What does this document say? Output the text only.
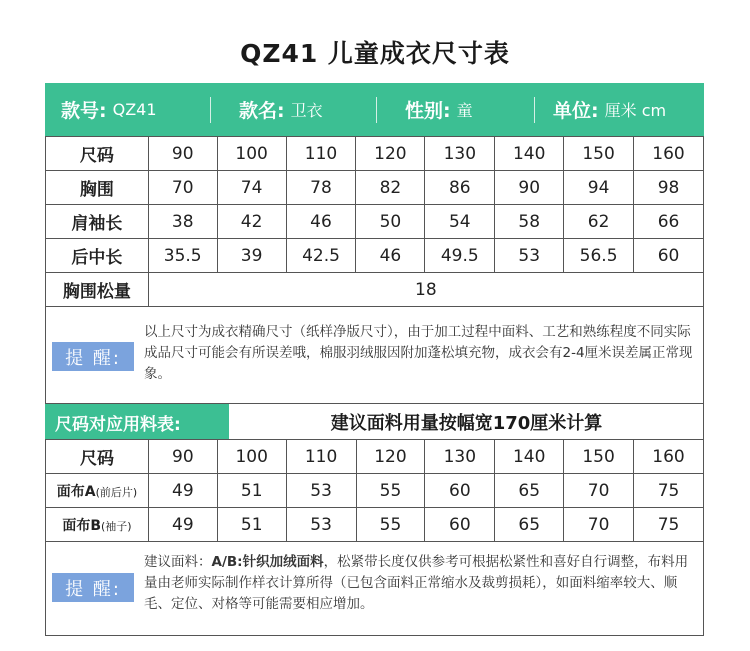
QZ41 儿童成衣尺寸表
款号: QZ41	款名: 卫衣	性别: 童	单位: 厘米 cm
尺码	90	100	110	120	130	140	150	160
胸围	70	74	78	82	86	90	94	98
肩袖长	38	42	46	50	54	58	62	66
后中长	35.5	39	42.5	46	49.5	53	56.5	60
胸围松量	18							
提 醒:
以上尺寸为成衣精确尺寸（纸样净版尺寸），由于加工过程中面料、工艺和熟练程度不同实际成品尺寸可能会有所误差哦，棉服羽绒服因附加蓬松填充物，成衣会有2-4厘米误差属正常现象。
尺码对应用料表:	建议面料用量按幅宽170厘米计算
尺码	90	100	110	120	130	140	150	160
面布A(前后片)	49	51	53	55	60	65	70	75
面布B(袖子)	49	51	53	55	60	65	70	75
提 醒:
建议面料：A/B:针织加绒面料，松紧带长度仅供参考可根据松紧性和喜好自行调整，布料用量由老师实际制作样衣计算所得（已包含面料正常缩水及裁剪损耗），如面料缩率较大、顺毛、定位、对格等可能需要相应增加。
